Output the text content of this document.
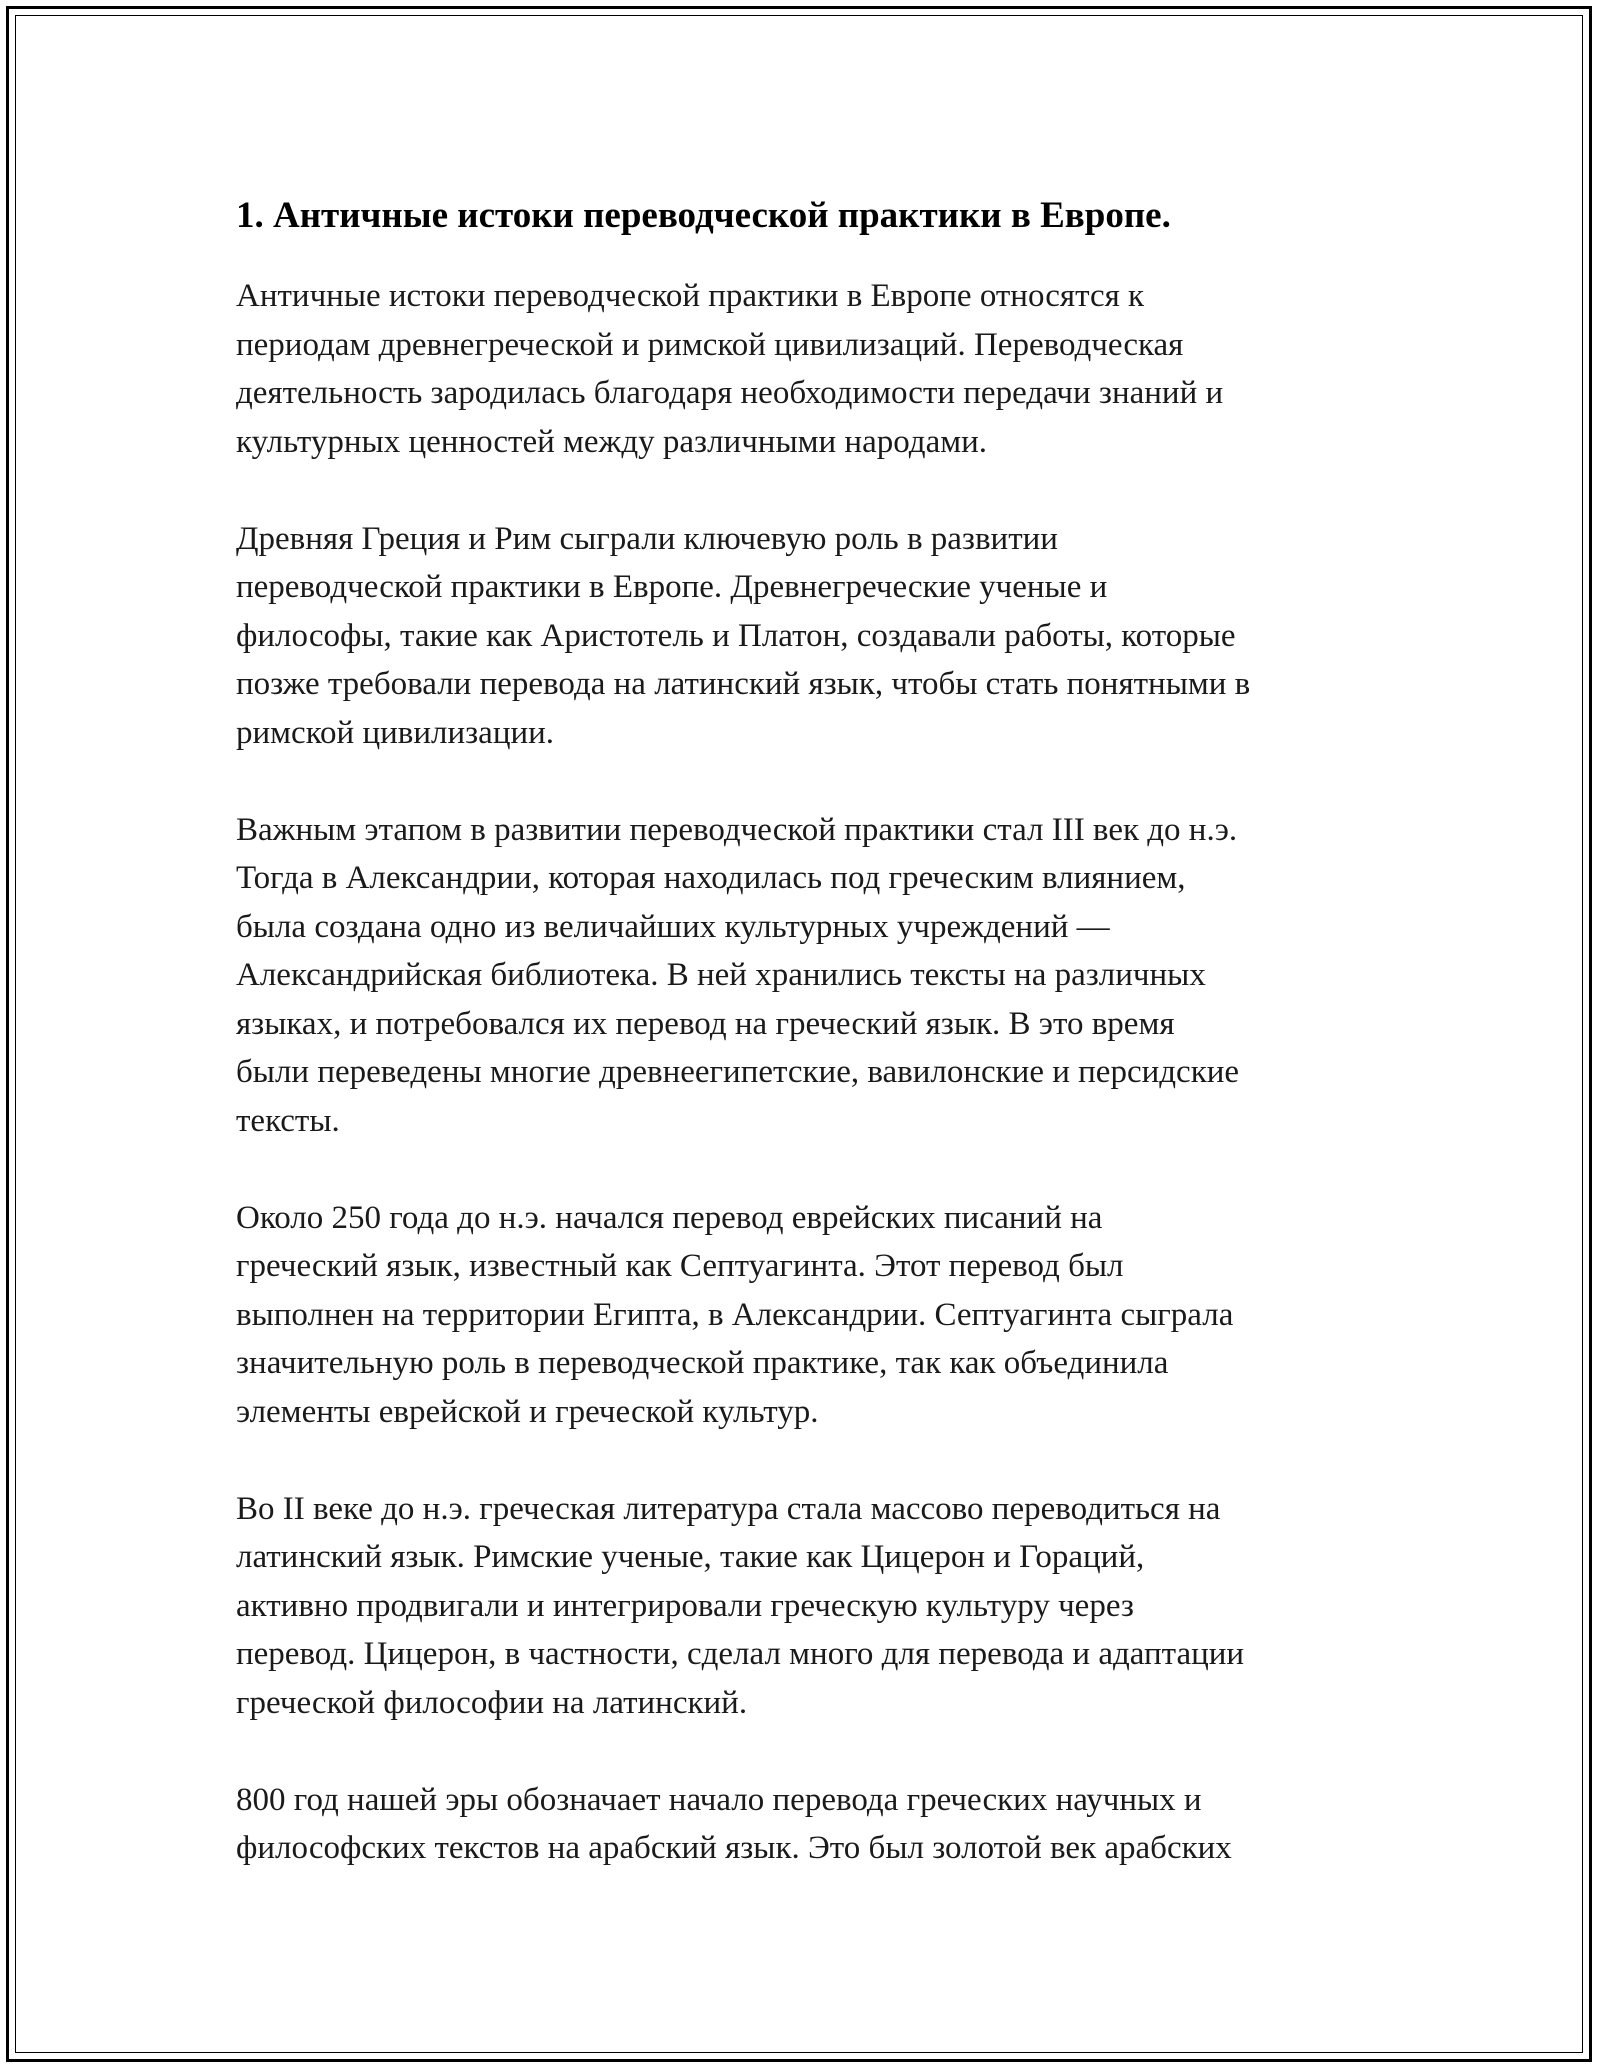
1. Античные истоки переводческой практики в Европе.
Античные истоки переводческой практики в Европе относятся к
периодам древнегреческой и римской цивилизаций. Переводческая
деятельность зародилась благодаря необходимости передачи знаний и
культурных ценностей между различными народами.
Древняя Греция и Рим сыграли ключевую роль в развитии
переводческой практики в Европе. Древнегреческие ученые и
философы, такие как Аристотель и Платон, создавали работы, которые
позже требовали перевода на латинский язык, чтобы стать понятными в
римской цивилизации.
Важным этапом в развитии переводческой практики стал III век до н.э.
Тогда в Александрии, которая находилась под греческим влиянием,
была создана одно из величайших культурных учреждений —
Александрийская библиотека. В ней хранились тексты на различных
языках, и потребовался их перевод на греческий язык. В это время
были переведены многие древнеегипетские, вавилонские и персидские
тексты.
Около 250 года до н.э. начался перевод еврейских писаний на
греческий язык, известный как Септуагинта. Этот перевод был
выполнен на территории Египта, в Александрии. Септуагинта сыграла
значительную роль в переводческой практике, так как объединила
элементы еврейской и греческой культур.
Во II веке до н.э. греческая литература стала массово переводиться на
латинский язык. Римские ученые, такие как Цицерон и Гораций,
активно продвигали и интегрировали греческую культуру через
перевод. Цицерон, в частности, сделал много для перевода и адаптации
греческой философии на латинский.
800 год нашей эры обозначает начало перевода греческих научных и
философских текстов на арабский язык. Это был золотой век арабских
